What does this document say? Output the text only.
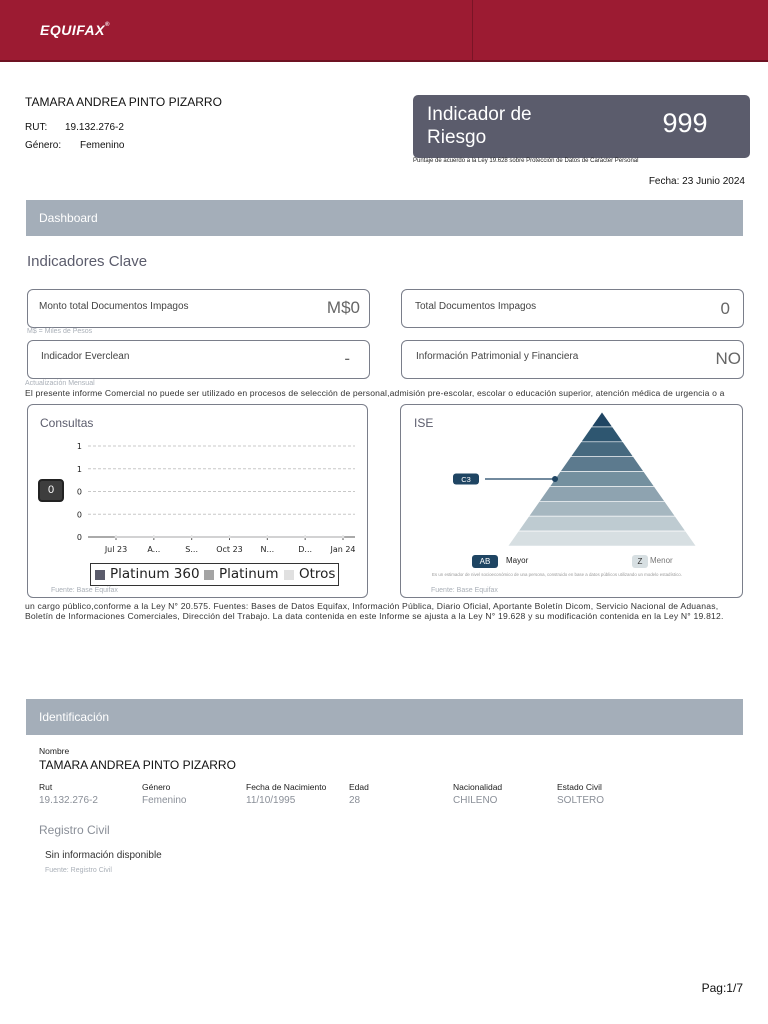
EQUIFAX®
TAMARA ANDREA PINTO PIZARRO
RUT: 19.132.276-2
Género: Femenino
Indicador de Riesgo	999
Puntaje de acuerdo a la Ley 19.628 sobre Protección de Datos de Carácter Personal
Fecha: 23 Junio 2024
Dashboard
Indicadores Clave
Monto total Documentos Impagos	M$0	Total Documentos Impagos	0
M$ = Miles de Pesos
Indicador Everclean	-	Información Patrimonial y Financiera	NO
Actualización Mensual
El presente informe Comercial no puede ser utilizado en procesos de selección de personal,admisión pre-escolar, escolar o educación superior, atención médica de urgencia o a
Consultas
0
0
0
0
1
1
Jul 23	A...	S... Oct 23 N...	D... Jan 24
Platinum 360 Platinum Otros
Fuente: Base Equifax
ISE
C3
AB	Mayor	Z Menor
Es un estimador de nivel socioeconómico de una persona, construido en base a datos públicos utilizando un modelo estadístico.
Fuente: Base Equifax
un cargo público,conforme a la Ley N° 20.575. Fuentes: Bases de Datos Equifax, Información Pública, Diario Oficial, Aportante Boletín Dicom, Servicio Nacional de Aduanas,
Boletín de Informaciones Comerciales, Dirección del Trabajo. La data contenida en este Informe se ajusta a la Ley N° 19.628 y su modificación contenida en la Ley N° 19.812.
Identificación
Nombre
TAMARA ANDREA PINTO PIZARRO
Rut
19.132.276-2
Género
Femenino
Fecha de Nacimiento
11/10/1995
Edad
28
Nacionalidad
CHILENO
Estado Civil
SOLTERO
Registro Civil
Sin información disponible
Fuente: Registro Civil
Pag:1/7
